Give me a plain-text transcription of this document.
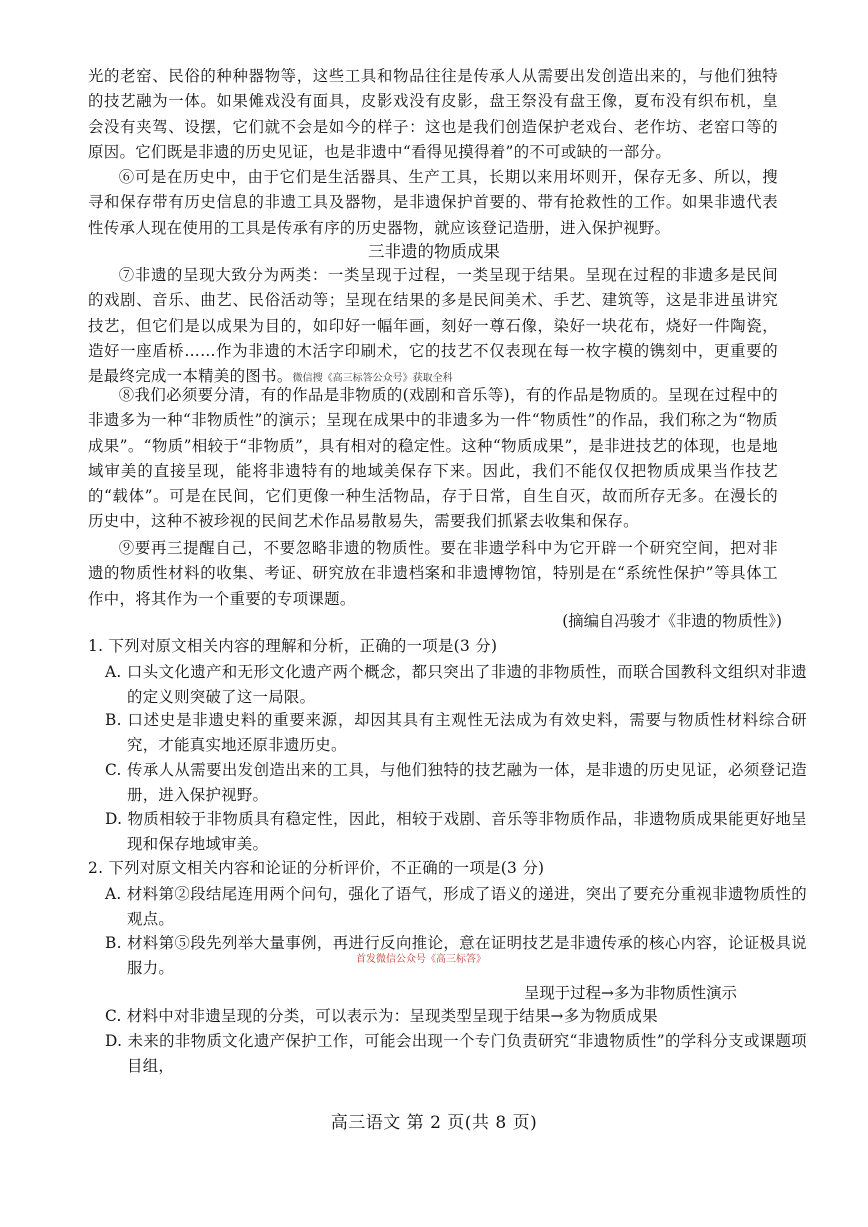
光的老窑、民俗的种种器物等，这些工具和物品往往是传承人从需要出发创造出来的，与他们独特的技艺融为一体。如果傩戏没有面具，皮影戏没有皮影，盘王祭没有盘王像，夏布没有织布机，皇会没有夹驾、设摆，它们就不会是如今的样子：这也是我们创造保护老戏台、老作坊、老窑口等的原因。它们既是非遗的历史见证，也是非遗中“看得见摸得着”的不可或缺的一部分。
⑥可是在历史中，由于它们是生活器具、生产工具，长期以来用坏则开，保存无多、所以，搜寻和保存带有历史信息的非遗工具及器物，是非遗保护首要的、带有抢救性的工作。如果非遗代表性传承人现在使用的工具是传承有序的历史器物，就应该登记造册，进入保护视野。
三非遗的物质成果
⑦非遗的呈现大致分为两类：一类呈现于过程，一类呈现于结果。呈现在过程的非遗多是民间的戏剧、音乐、曲艺、民俗活动等；呈现在结果的多是民间美术、手艺、建筑等，这是非进虽讲究技艺，但它们是以成果为目的，如印好一幅年画，刻好一尊石像，染好一块花布，烧好一件陶瓷，造好一座盾桥……作为非遗的木活字印刷术，它的技艺不仅表现在每一枚字模的镌刻中，更重要的是最终完成一本精美的图书。微信搜《高三标答公众号》获取全科
⑧我们必须要分清，有的作品是非物质的(戏剧和音乐等)，有的作品是物质的。呈现在过程中的非遗多为一种“非物质性”的演示；呈现在成果中的非遗多为一件“物质性”的作品，我们称之为“物质成果”。“物质”相较于“非物质”，具有相对的稳定性。这种“物质成果”，是非进技艺的体现，也是地域审美的直接呈现，能将非遗特有的地域美保存下来。因此，我们不能仅仅把物质成果当作技艺的“载体”。可是在民间，它们更像一种生活物品，存于日常，自生自灭，故而所存无多。在漫长的历史中，这种不被珍视的民间艺术作品易散易失，需要我们抓紧去收集和保存。
⑨要再三提醒自己，不要忽略非遗的物质性。要在非遗学科中为它开辟一个研究空间，把对非遗的物质性材料的收集、考证、研究放在非遗档案和非遗博物馆，特别是在“系统性保护”等具体工作中，将其作为一个重要的专项课题。
(摘编自冯骏才《非遗的物质性》)
1. 下列对原文相关内容的理解和分析，正确的一项是(3 分)
A. 口头文化遗产和无形文化遗产两个概念，都只突出了非遗的非物质性，而联合国教科文组织对非遗的定义则突破了这一局限。
B. 口述史是非遗史料的重要来源，却因其具有主观性无法成为有效史料，需要与物质性材料综合研究，才能真实地还原非遗历史。
C. 传承人从需要出发创造出来的工具，与他们独特的技艺融为一体，是非遗的历史见证，必须登记造册，进入保护视野。
D. 物质相较于非物质具有稳定性，因此，相较于戏剧、音乐等非物质作品，非遗物质成果能更好地呈现和保存地域审美。
2. 下列对原文相关内容和论证的分析评价，不正确的一项是(3 分)
A. 材料第②段结尾连用两个问句，强化了语气，形成了语义的递进，突出了要充分重视非遗物质性的观点。
B. 材料第⑤段先列举大量事例，再进行反向推论，意在证明技艺是非遗传承的核心内容，论证极具说服力。	首发微信公众号《高三标答》
呈现于过程→多为非物质性演示
C. 材料中对非遗呈现的分类，可以表示为：呈现类型呈现于结果→多为物质成果
D. 未来的非物质文化遗产保护工作，可能会出现一个专门负责研究“非遗物质性”的学科分支或课题项目组，
高三语文 第 2 页(共 8 页)
